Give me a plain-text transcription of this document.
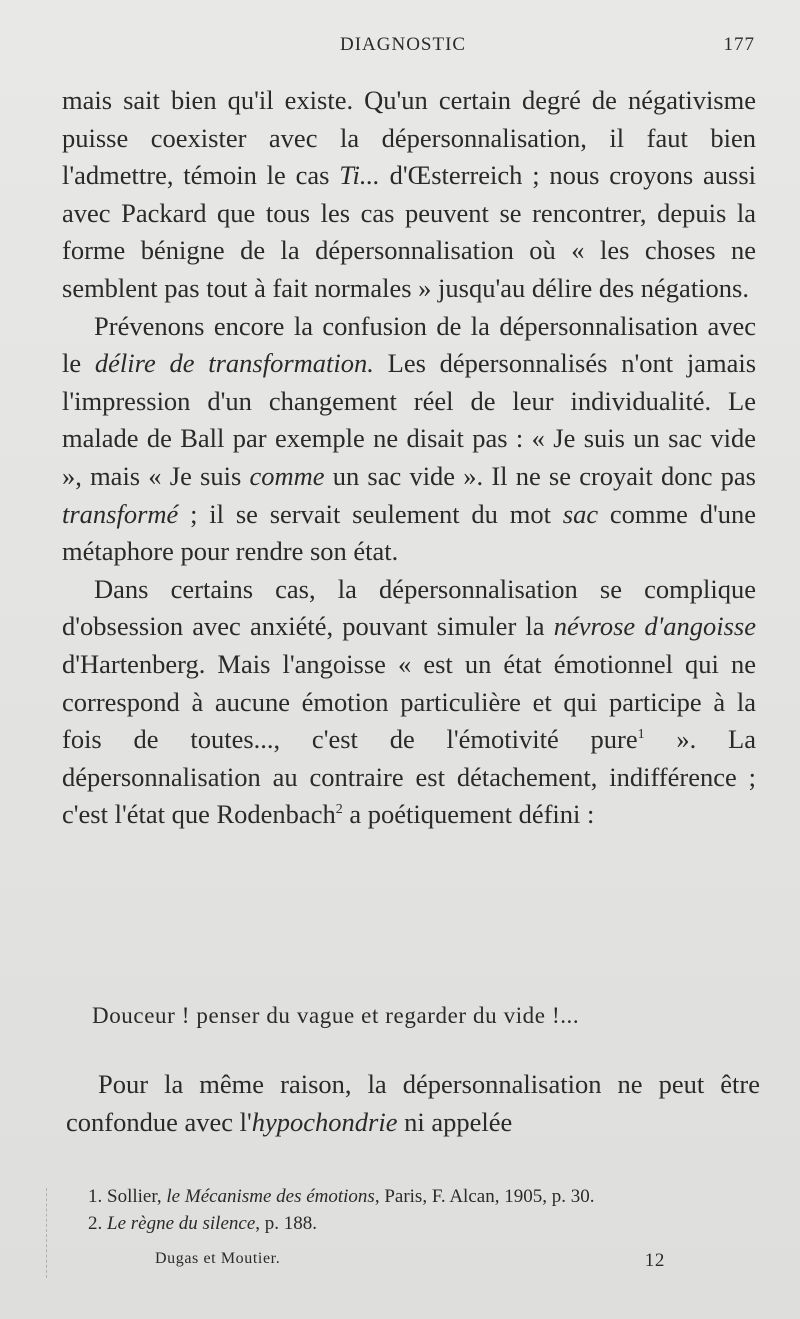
DIAGNOSTIC	177

mais sait bien qu'il existe. Qu'un certain degré de négativisme puisse coexister avec la dépersonnalisation, il faut bien l'admettre, témoin le cas Ti... d'Œsterreich ; nous croyons aussi avec Packard que tous les cas peuvent se rencontrer, depuis la forme bénigne de la dépersonnalisation où « les choses ne semblent pas tout à fait normales » jusqu'au délire des négations.

Prévenons encore la confusion de la dépersonnalisation avec le délire de transformation. Les dépersonnalisés n'ont jamais l'impression d'un changement réel de leur individualité. Le malade de Ball par exemple ne disait pas : « Je suis un sac vide », mais « Je suis comme un sac vide ». Il ne se croyait donc pas transformé ; il se servait seulement du mot sac comme d'une métaphore pour rendre son état.

Dans certains cas, la dépersonnalisation se complique d'obsession avec anxiété, pouvant simuler la névrose d'angoisse d'Hartenberg. Mais l'angoisse « est un état émotionnel qui ne correspond à aucune émotion particulière et qui participe à la fois de toutes..., c'est de l'émotivité pure$^1$ ». La dépersonnalisation au contraire est détachement, indifférence ; c'est l'état que Rodenbach$^2$ a poétiquement défini :

Douceur ! penser du vague et regarder du vide !...

Pour la même raison, la dépersonnalisation ne peut être confondue avec l'hypochondrie ni appelée

1. Sollier, le Mécanisme des émotions, Paris, F. Alcan, 1905, p. 30.
2. Le règne du silence, p. 188.
Dugas et Moutier.	12
